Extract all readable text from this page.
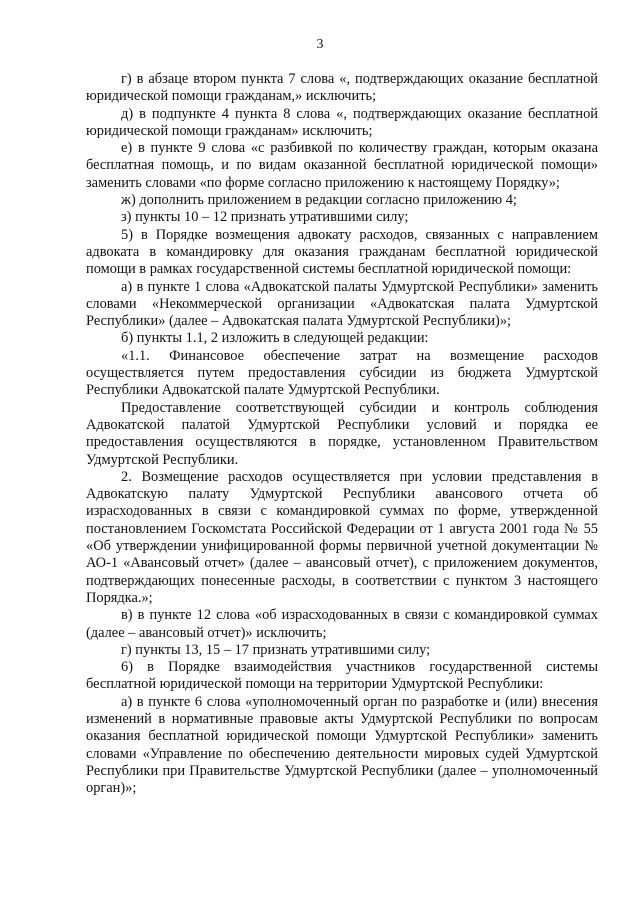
3

г) в абзаце втором пункта 7 слова «, подтверждающих оказание бесплатной юридической помощи гражданам,» исключить;

д) в подпункте 4 пункта 8 слова «, подтверждающих оказание бесплатной юридической помощи гражданам» исключить;

е) в пункте 9 слова «с разбивкой по количеству граждан, которым оказана бесплатная помощь, и по видам оказанной бесплатной юридической помощи» заменить словами «по форме согласно приложению к настоящему Порядку»;

ж) дополнить приложением в редакции согласно приложению 4;

з) пункты 10 – 12 признать утратившими силу;

5) в Порядке возмещения адвокату расходов, связанных с направлением адвоката в командировку для оказания гражданам бесплатной юридической помощи в рамках государственной системы бесплатной юридической помощи:

а) в пункте 1 слова «Адвокатской палаты Удмуртской Республики» заменить словами «Некоммерческой организации «Адвокатская палата Удмуртской Республики» (далее – Адвокатская палата Удмуртской Республики)»;

б) пункты 1.1, 2 изложить в следующей редакции:

«1.1. Финансовое обеспечение затрат на возмещение расходов осуществляется путем предоставления субсидии из бюджета Удмуртской Республики Адвокатской палате Удмуртской Республики.

Предоставление соответствующей субсидии и контроль соблюдения Адвокатской палатой Удмуртской Республики условий и порядка ее предоставления осуществляются в порядке, установленном Правительством Удмуртской Республики.

2. Возмещение расходов осуществляется при условии представления в Адвокатскую палату Удмуртской Республики авансового отчета об израсходованных в связи с командировкой суммах по форме, утвержденной постановлением Госкомстата Российской Федерации от 1 августа 2001 года № 55 «Об утверждении унифицированной формы первичной учетной документации № АО-1 «Авансовый отчет» (далее – авансовый отчет), с приложением документов, подтверждающих понесенные расходы, в соответствии с пунктом 3 настоящего Порядка.»;

в) в пункте 12 слова «об израсходованных в связи с командировкой суммах (далее – авансовый отчет)» исключить;

г) пункты 13, 15 – 17 признать утратившими силу;

6) в Порядке взаимодействия участников государственной системы бесплатной юридической помощи на территории Удмуртской Республики:

а) в пункте 6 слова «уполномоченный орган по разработке и (или) внесения изменений в нормативные правовые акты Удмуртской Республики по вопросам оказания бесплатной юридической помощи Удмуртской Республики» заменить словами «Управление по обеспечению деятельности мировых судей Удмуртской Республики при Правительстве Удмуртской Республики (далее – уполномоченный орган)»;
